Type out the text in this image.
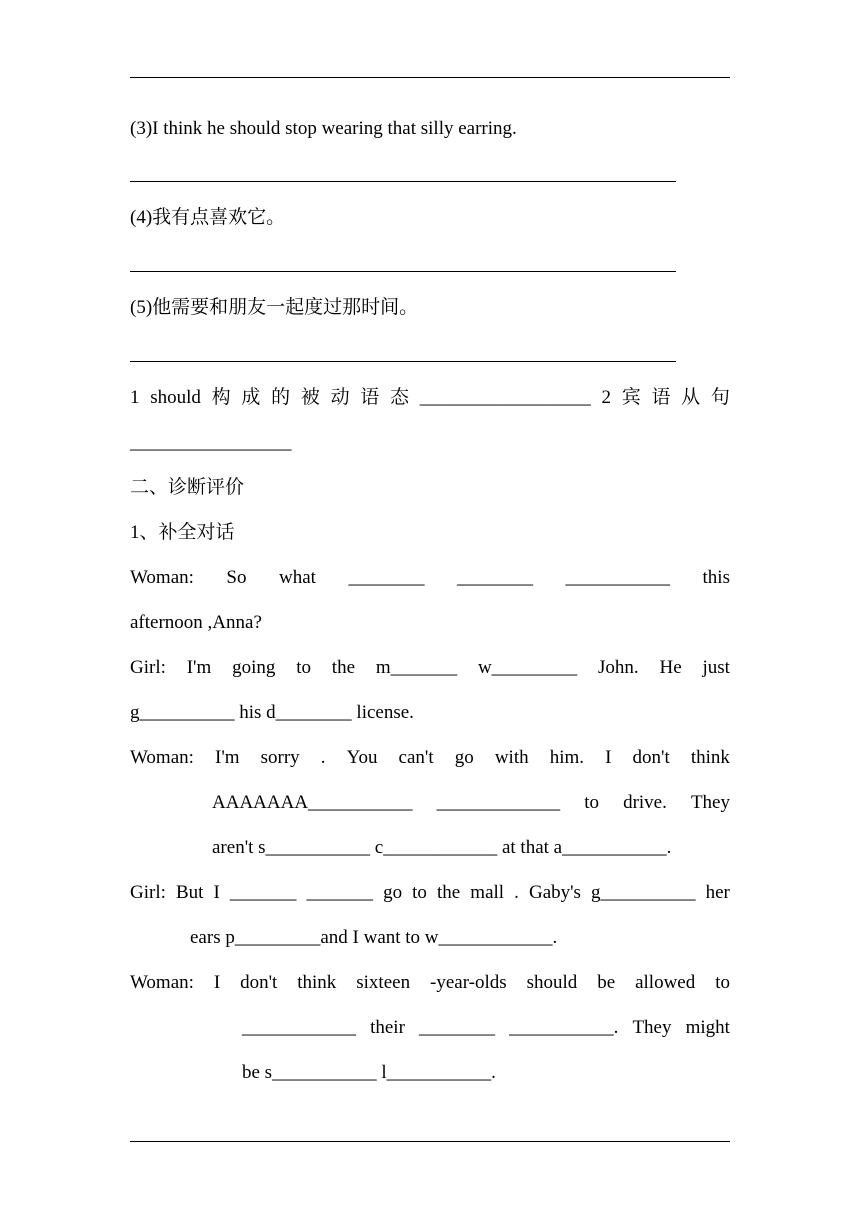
(3)I think he should stop wearing that silly earring.
(4)我有点喜欢它。
(5)他需要和朋友一起度过那时间。
1 should 构 成 的 被 动 语 态 __________________ 2 宾 语 从 句
_________________
二、诊断评价
1、补全对话
Woman: So what ________ ________ ___________ this
afternoon ,Anna?
Girl: I'm going to the m_______ w_________ John. He just
g__________ his d________ license.
Woman: I'm sorry . You can't go with him. I don't think
AAAAAAA___________ _____________ to drive. They
aren't s___________ c____________ at that a___________.
Girl: But I _______ _______ go to the mall . Gaby's g__________ her
ears p_________and I want to w____________.
Woman: I don't think sixteen -year-olds should be allowed to
____________ their ________ ___________. They might
be s___________ l___________.
